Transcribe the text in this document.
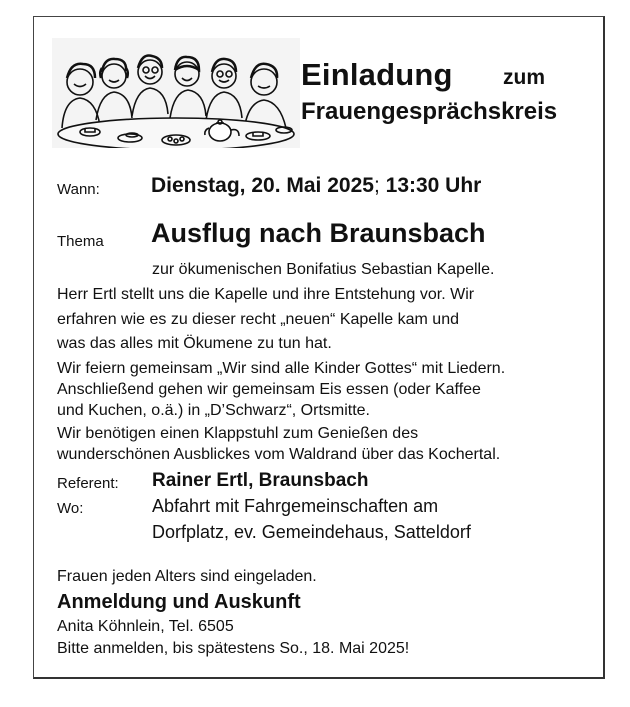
Einladung zum
Frauengesprächskreis
Wann: Dienstag, 20. Mai 2025; 13:30 Uhr
Thema Ausflug nach Braunsbach
zur ökumenischen Bonifatius Sebastian Kapelle.
Herr Ertl stellt uns die Kapelle und ihre Entstehung vor. Wir
erfahren wie es zu dieser recht „neuen“ Kapelle kam und
was das alles mit Ökumene zu tun hat.
Wir feiern gemeinsam „Wir sind alle Kinder Gottes“ mit Liedern.
Anschließend gehen wir gemeinsam Eis essen (oder Kaffee
und Kuchen, o.ä.) in „D’Schwarz“, Ortsmitte.
Wir benötigen einen Klappstuhl zum Genießen des
wunderschönen Ausblickes vom Waldrand über das Kochertal.
Referent: Rainer Ertl, Braunsbach
Wo:	Abfahrt mit Fahrgemeinschaften am
Dorfplatz, ev. Gemeindehaus, Satteldorf
Frauen jeden Alters sind eingeladen.
Anmeldung und Auskunft
Anita Köhnlein, Tel. 6505
Bitte anmelden, bis spätestens So., 18. Mai 2025!
